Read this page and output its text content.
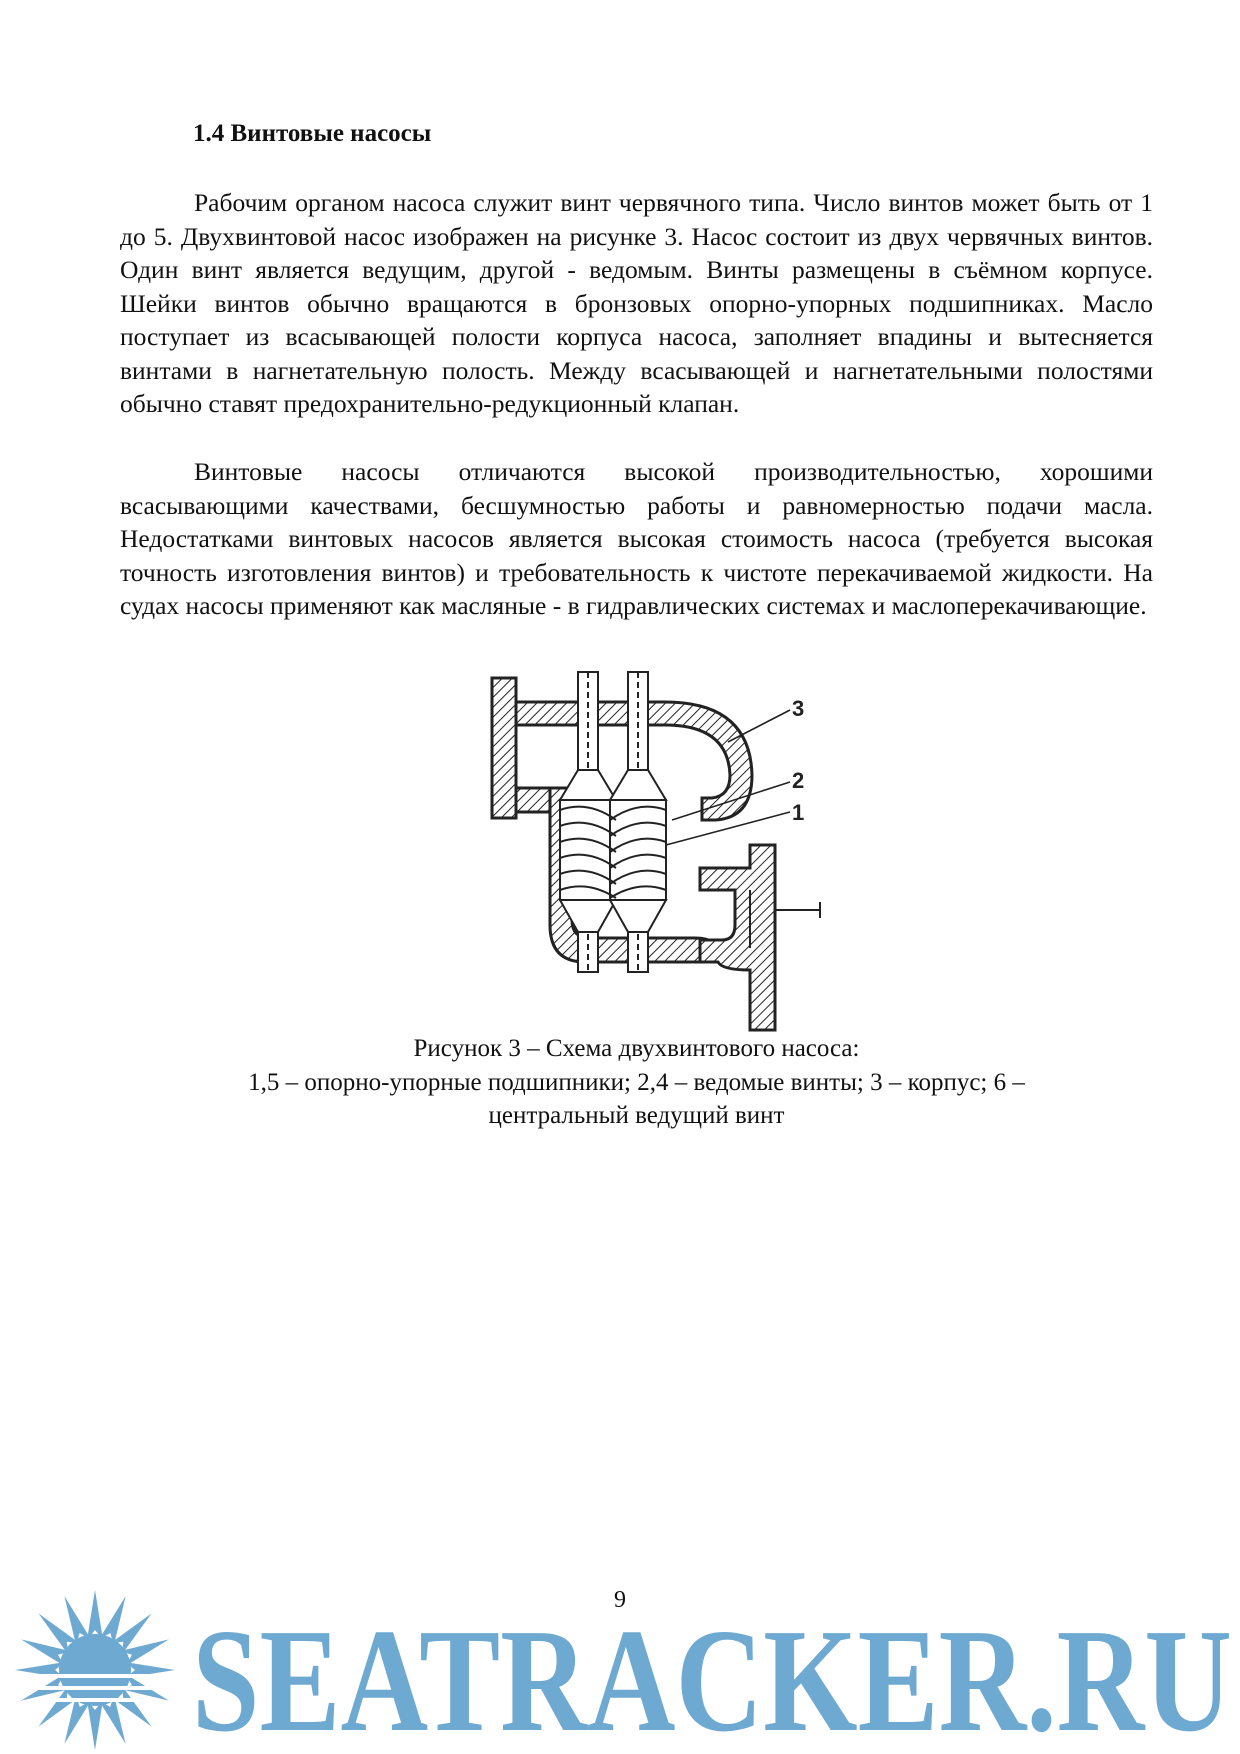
1.4 Винтовые насосы

Рабочим органом насоса служит винт червячного типа. Число винтов может быть от 1 до 5. Двухвинтовой насос изображен на рисунке 3. Насос состоит из двух червячных винтов. Один винт является ведущим, другой - ведомым. Винты размещены в съёмном корпусе. Шейки винтов обычно вращаются в бронзовых опорно-упорных подшипниках. Масло поступает из всасывающей полости корпуса насоса, заполняет впадины и вытесняется винтами в нагнетательную полость. Между всасывающей и нагнетательными полостями обычно ставят предохранительно-редукционный клапан.

Винтовые насосы отличаются высокой производительностью, хорошими всасывающими качествами, бесшумностью работы и равномерностью подачи масла. Недостатками винтовых насосов является высокая стоимость насоса (требуется высокая точность изготовления винтов) и требовательность к чистоте перекачиваемой жидкости. На судах насосы применяют как масляные - в гидравлических системах и маслоперекачивающие.

3
2
1

Рисунок 3 – Схема двухвинтового насоса:

1,5 – опорно-упорные подшипники; 2,4 – ведомые винты; 3 – корпус; 6 –

центральный ведущий винт

SEATRACKER.RU
9
